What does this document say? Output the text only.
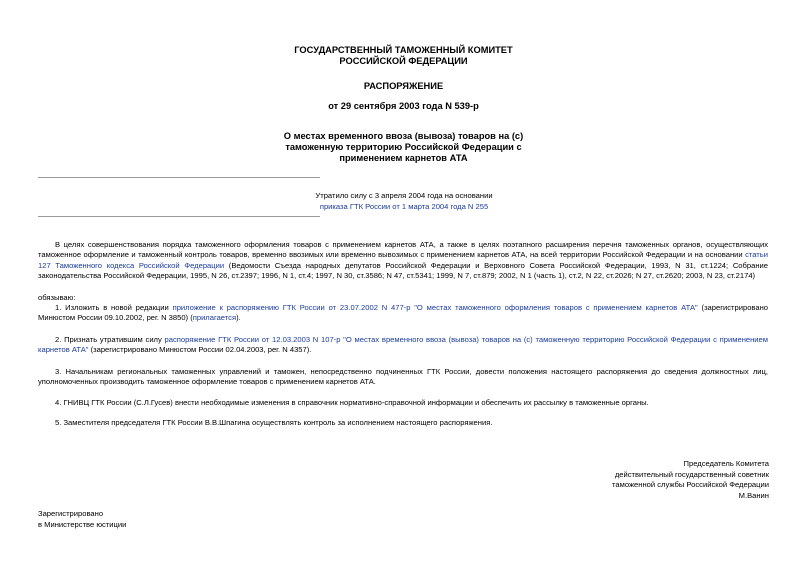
ГОСУДАРСТВЕННЫЙ ТАМОЖЕННЫЙ КОМИТЕТ
РОССИЙСКОЙ ФЕДЕРАЦИИ
РАСПОРЯЖЕНИЕ
от 29 сентября 2003 года N 539-р
О местах временного ввоза (вывоза) товаров на (с)
таможенную территорию Российской Федерации с
применением карнетов АТА
Утратило силу с 3 апреля 2004 года на основании
приказа ГТК России от 1 марта 2004 года N 255
В целях совершенствования порядка таможенного оформления товаров с применением карнетов АТА, а также в целях поэтапного расширения перечня таможенных органов, осуществляющих таможенное оформление и таможенный контроль товаров, временно ввозимых или временно вывозимых с применением карнетов АТА, на всей территории Российской Федерации и на основании статьи 127 Таможенного кодекса Российской Федерации (Ведомости Съезда народных депутатов Российской Федерации и Верховного Совета Российской Федерации, 1993, N 31, ст.1224; Собрание законодательства Российской Федерации, 1995, N 26, ст.2397; 1996, N 1, ст.4; 1997, N 30, ст.3586; N 47, ст.5341; 1999, N 7, ст.879; 2002, N 1 (часть 1), ст.2, N 22, ст.2026; N 27, ст.2620; 2003, N 23, ст.2174)
обязываю:
1. Изложить в новой редакции приложение к распоряжению ГТК России от 23.07.2002 N 477-р "О местах таможенного оформления товаров с применением карнетов АТА" (зарегистрировано Минюстом России 09.10.2002, рег. N 3850) (прилагается).
2. Признать утратившим силу распоряжение ГТК России от 12.03.2003 N 107-р "О местах временного ввоза (вывоза) товаров на (с) таможенную территорию Российской Федерации с применением карнетов АТА" (зарегистрировано Минюстом России 02.04.2003, рег. N 4357).
3. Начальникам региональных таможенных управлений и таможен, непосредственно подчиненных ГТК России, довести положения настоящего распоряжения до сведения должностных лиц, уполномоченных производить таможенное оформление товаров с применением карнетов АТА.
4. ГНИВЦ ГТК России (С.Л.Гусев) внести необходимые изменения в справочник нормативно-справочной информации и обеспечить их рассылку в таможенные органы.
5. Заместителя председателя ГТК России В.В.Шпагина осуществлять контроль за исполнением настоящего распоряжения.
Председатель Комитета
действительный государственный советник
таможенной службы Российской Федерации
М.Ванин
Зарегистрировано
в Министерстве юстиции
